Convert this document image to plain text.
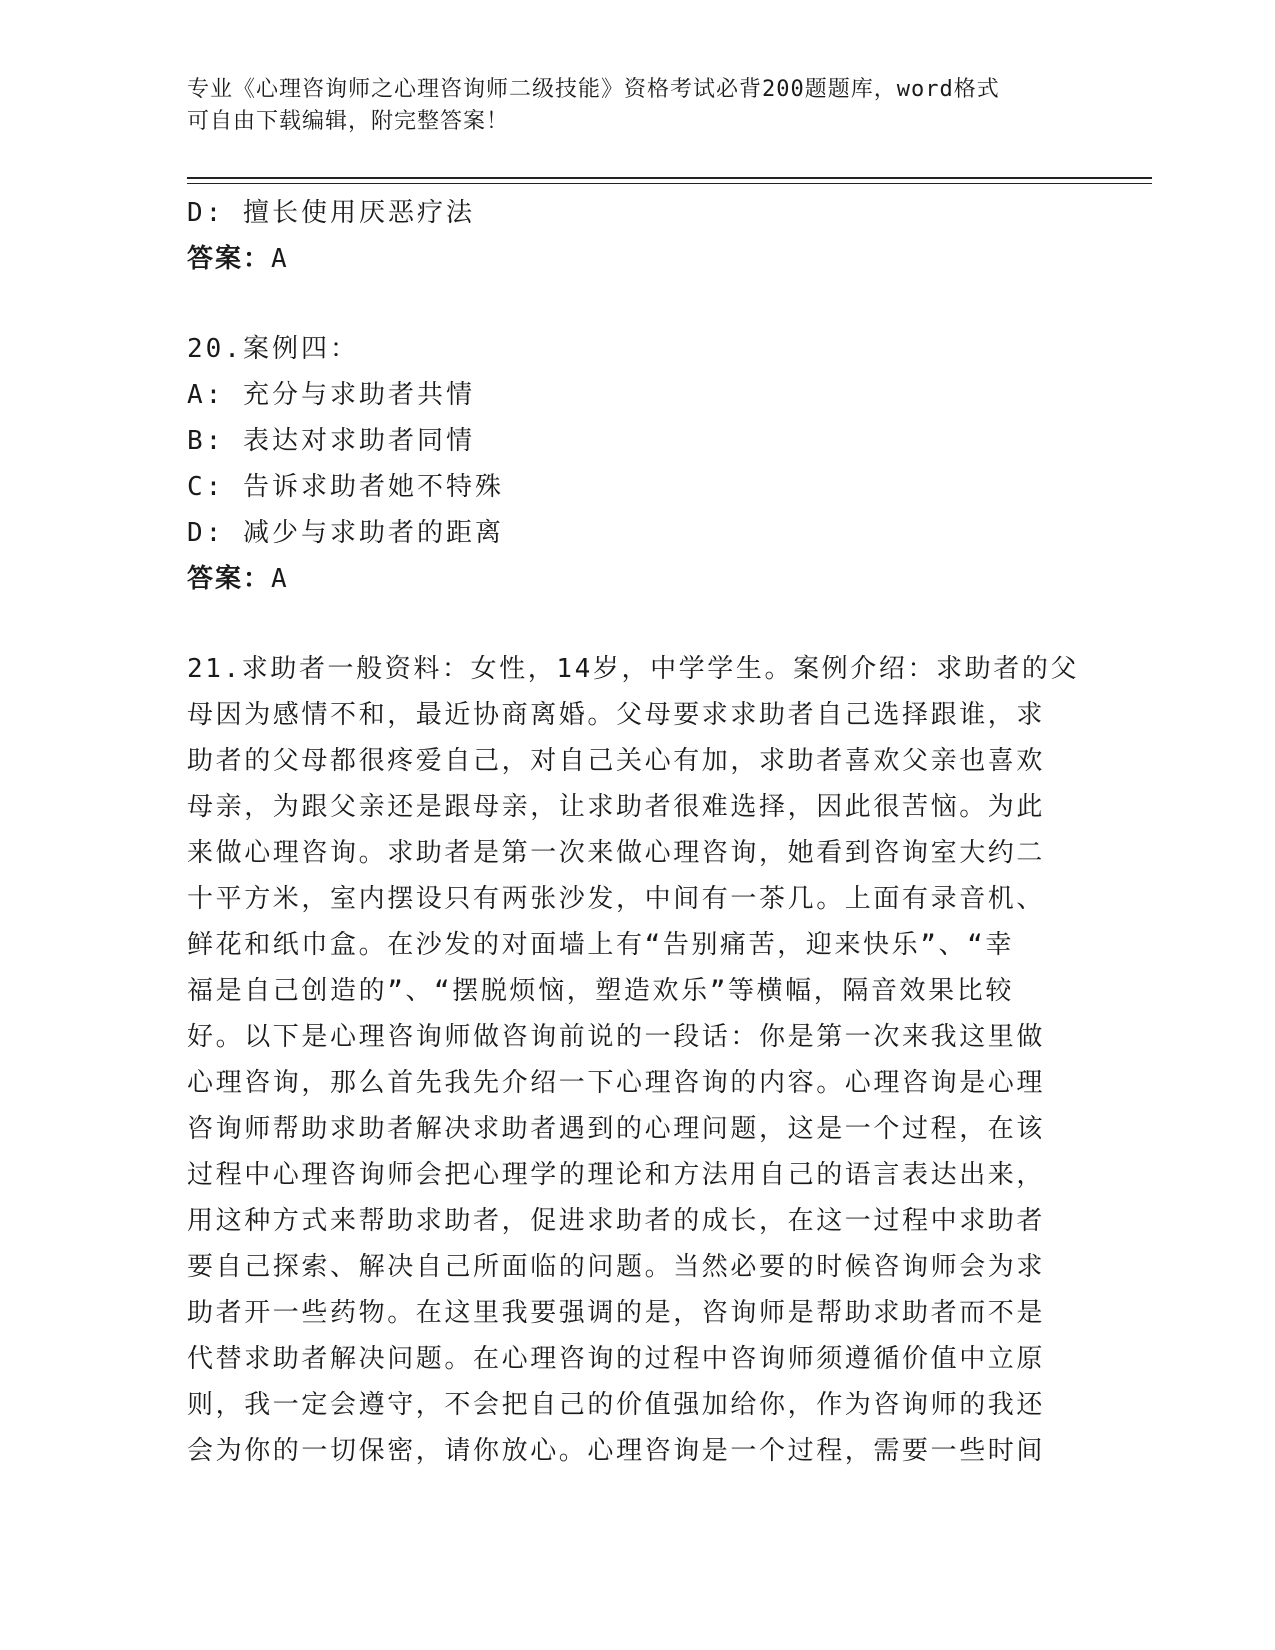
专业《心理咨询师之心理咨询师二级技能》资格考试必背200题题库，word格式
可自由下载编辑，附完整答案！
D: 擅长使用厌恶疗法
答案：A
20.案例四：
A: 充分与求助者共情
B: 表达对求助者同情
C: 告诉求助者她不特殊
D: 减少与求助者的距离
答案：A
21.求助者一般资料：女性，14岁，中学学生。案例介绍：求助者的父
母因为感情不和，最近协商离婚。父母要求求助者自己选择跟谁，求
助者的父母都很疼爱自己，对自己关心有加，求助者喜欢父亲也喜欢
母亲，为跟父亲还是跟母亲，让求助者很难选择，因此很苦恼。为此
来做心理咨询。求助者是第一次来做心理咨询，她看到咨询室大约二
十平方米，室内摆设只有两张沙发，中间有一茶几。上面有录音机、
鲜花和纸巾盒。在沙发的对面墙上有“告别痛苦，迎来快乐”、“幸
福是自己创造的”、“摆脱烦恼，塑造欢乐”等横幅，隔音效果比较
好。以下是心理咨询师做咨询前说的一段话：你是第一次来我这里做
心理咨询，那么首先我先介绍一下心理咨询的内容。心理咨询是心理
咨询师帮助求助者解决求助者遇到的心理问题，这是一个过程，在该
过程中心理咨询师会把心理学的理论和方法用自己的语言表达出来，
用这种方式来帮助求助者，促进求助者的成长，在这一过程中求助者
要自己探索、解决自己所面临的问题。当然必要的时候咨询师会为求
助者开一些药物。在这里我要强调的是，咨询师是帮助求助者而不是
代替求助者解决问题。在心理咨询的过程中咨询师须遵循价值中立原
则，我一定会遵守，不会把自己的价值强加给你，作为咨询师的我还
会为你的一切保密，请你放心。心理咨询是一个过程，需要一些时间
